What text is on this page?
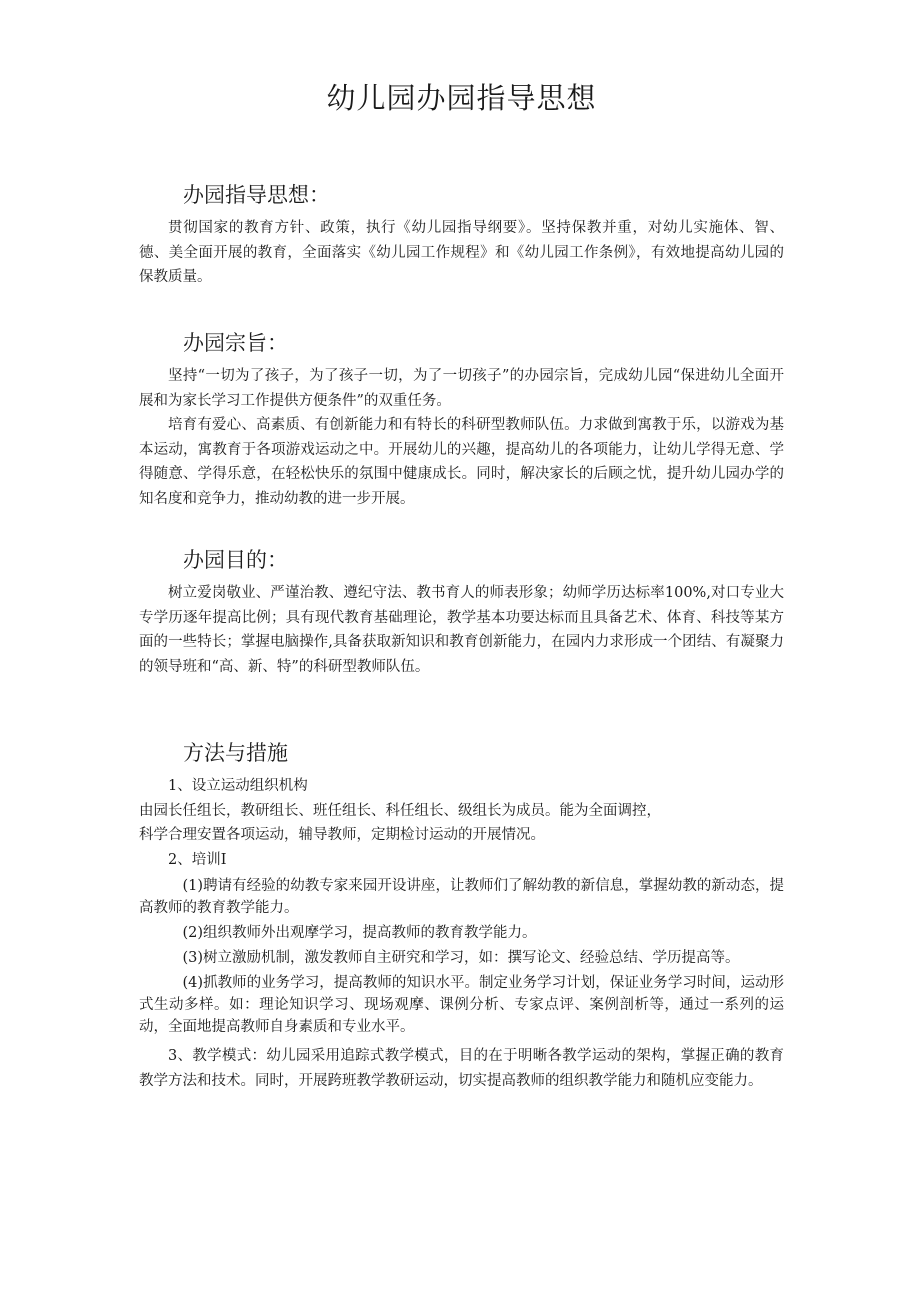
幼儿园办园指导思想
办园指导思想：

贯彻国家的教育方针、政策，执行《幼儿园指导纲要》。坚持保教并重，对幼儿实施体、智、德、美全面开展的教育，全面落实《幼儿园工作规程》和《幼儿园工作条例》，有效地提高幼儿园的保教质量。

办园宗旨：

坚持“一切为了孩子，为了孩子一切，为了一切孩子”的办园宗旨，完成幼儿园“保进幼儿全面开展和为家长学习工作提供方便条件”的双重任务。

培育有爱心、高素质、有创新能力和有特长的科研型教师队伍。力求做到寓教于乐，以游戏为基本运动，寓教育于各项游戏运动之中。开展幼儿的兴趣，提高幼儿的各项能力，让幼儿学得无意、学得随意、学得乐意，在轻松快乐的氛围中健康成长。同时，解决家长的后顾之忧，提升幼儿园办学的知名度和竞争力，推动幼教的进一步开展。

办园目的：

树立爱岗敬业、严谨治教、遵纪守法、教书育人的师表形象；幼师学历达标率100%,对口专业大专学历逐年提高比例；具有现代教育基础理论，教学基本功要达标而且具备艺术、体育、科技等某方面的一些特长；掌握电脑操作,具备获取新知识和教育创新能力，在园内力求形成一个团结、有凝聚力的领导班和“高、新、特”的科研型教师队伍。

方法与措施

1、设立运动组织机构

由园长任组长，教研组长、班任组长、科任组长、级组长为成员。能为全面调控，

科学合理安置各项运动，辅导教师，定期检讨运动的开展情况。

2、培训Ⅰ

(1)聘请有经验的幼教专家来园开设讲座，让教师们了解幼教的新信息，掌握幼教的新动态，提高教师的教育教学能力。

(2)组织教师外出观摩学习，提高教师的教育教学能力。

(3)树立激励机制，激发教师自主研究和学习，如：撰写论文、经验总结、学历提高等。

(4)抓教师的业务学习，提高教师的知识水平。制定业务学习计划，保证业务学习时间，运动形式生动多样。如：理论知识学习、现场观摩、课例分析、专家点评、案例剖析等，通过一系列的运动，全面地提高教师自身素质和专业水平。

3、教学模式：幼儿园采用追踪式教学模式，目的在于明晰各教学运动的架构，掌握正确的教育教学方法和技术。同时，开展跨班教学教研运动，切实提高教师的组织教学能力和随机应变能力。
